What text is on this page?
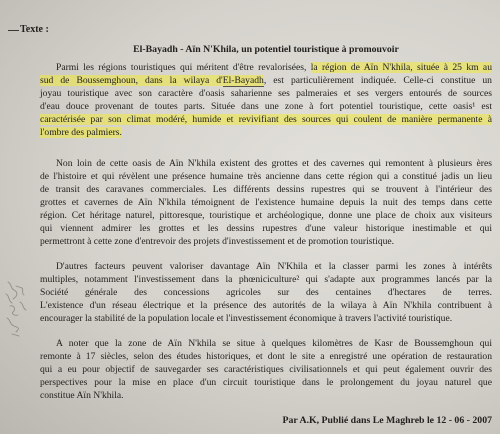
Texte :
El-Bayadh - Aïn N'Khila, un potentiel touristique à promouvoir
Parmi les régions touristiques qui méritent d'être revalorisées, la région de Aïn N'khila, située à 25 km au
sud de Boussemghoun, dans la wilaya d'El-Bayadh, est particulièrement indiquée. Celle-ci constitue un
joyau touristique avec son caractère d'oasis saharienne ses palmeraies et ses vergers entourés de sources
d'eau douce provenant de toutes parts. Située dans une zone à fort potentiel touristique, cette oasis¹ est
caractérisée par son climat modéré, humide et revivifiant des sources qui coulent de manière permanente à
l'ombre des palmiers.
Non loin de cette oasis de Aïn N'khila existent des grottes et des cavernes qui remontent à plusieurs ères
de l'histoire et qui révèlent une présence humaine très ancienne dans cette région qui a constitué jadis un lieu
de transit des caravanes commerciales. Les différents dessins rupestres qui se trouvent à l'intérieur des
grottes et cavernes de Aïn N'khila témoignent de l'existence humaine depuis la nuit des temps dans cette
région. Cet héritage naturel, pittoresque, touristique et archéologique, donne une place de choix aux visiteurs
qui viennent admirer les grottes et les dessins rupestres d'une valeur historique inestimable et qui
permettront à cette zone d'entrevoir des projets d'investissement et de promotion touristique.
D'autres facteurs peuvent valoriser davantage Aïn N'Khila et la classer parmi les zones à intérêts
multiples, notamment l'investissement dans la phœniciculture² qui s'adapte aux programmes lancés par la
Société générale des concessions agricoles sur des centaines d'hectares de terres.
L'existence d'un réseau électrique et la présence des autorités de la wilaya à Aïn N'khila contribuent à
encourager la stabilité de la population locale et l'investissement économique à travers l'activité touristique.
A noter que la zone de Aïn N'khila se situe à quelques kilomètres de Kasr de Boussemghoun qui
remonte à 17 siècles, selon des études historiques, et dont le site a enregistré une opération de restauration
qui a eu pour objectif de sauvegarder ses caractéristiques civilisationnels et qui peut également ouvrir des
perspectives pour la mise en place d'un circuit touristique dans le prolongement du joyau naturel que
constitue Aïn N'khila.
Par A.K, Publié dans Le Maghreb le 12 - 06 - 2007
